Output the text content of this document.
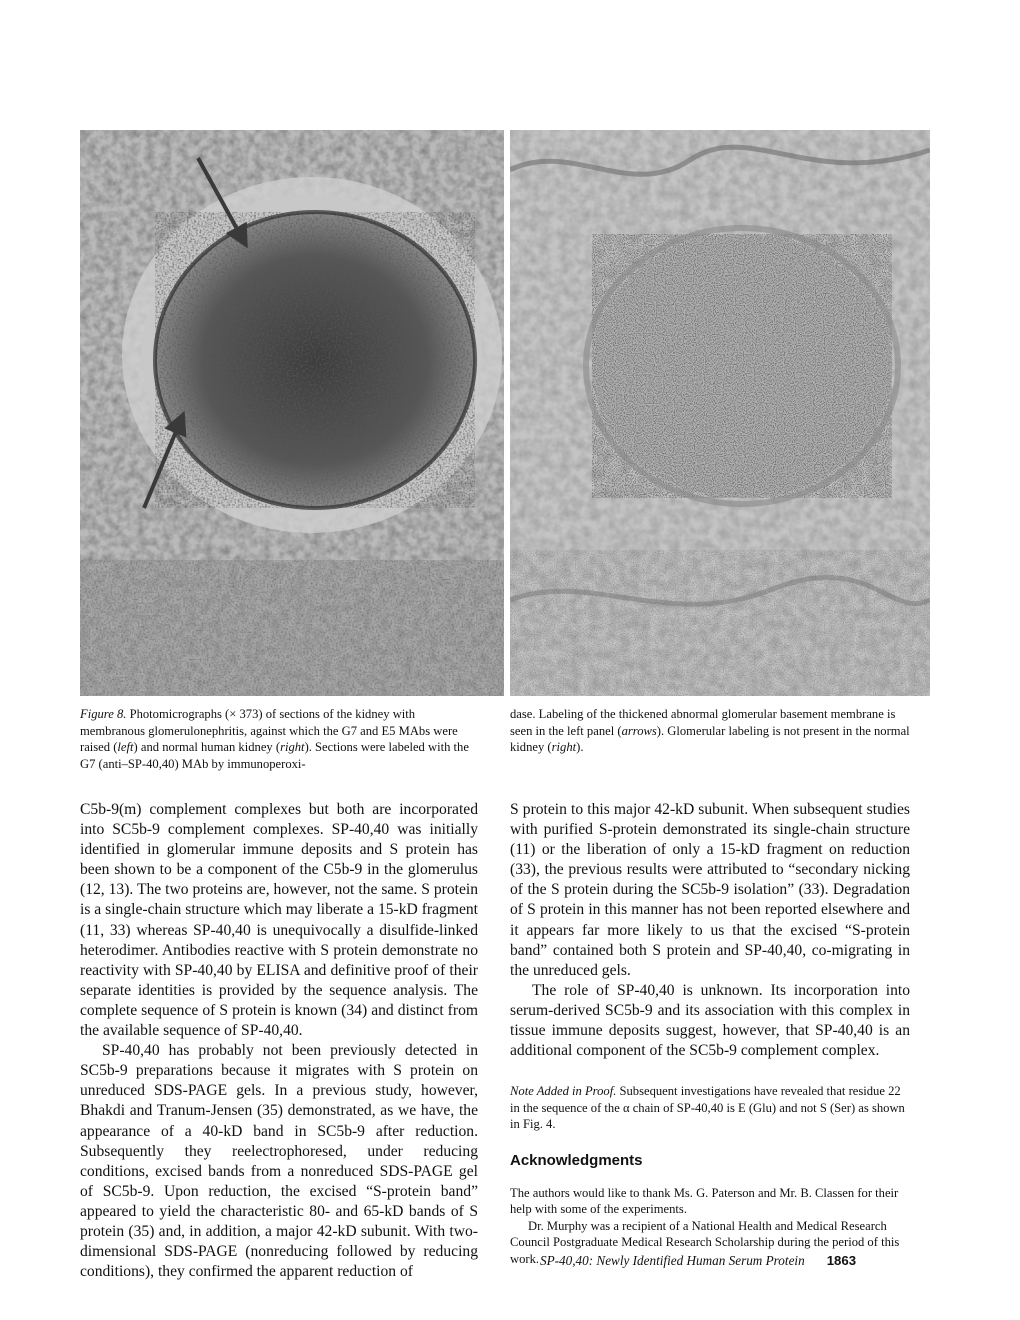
Figure 8. Photomicrographs (× 373) of sections of the kidney with membranous glomerulonephritis, against which the G7 and E5 MAbs were raised (left) and normal human kidney (right). Sections were labeled with the G7 (anti–SP-40,40) MAb by immunoperoxi-
dase. Labeling of the thickened abnormal glomerular basement membrane is seen in the left panel (arrows). Glomerular labeling is not present in the normal kidney (right).

C5b-9(m) complement complexes but both are incorporated into SC5b-9 complement complexes. SP-40,40 was initially identified in glomerular immune deposits and S protein has been shown to be a component of the C5b-9 in the glomerulus (12, 13). The two proteins are, however, not the same. S protein is a single-chain structure which may liberate a 15-kD fragment (11, 33) whereas SP-40,40 is unequivocally a disulfide-linked heterodimer. Antibodies reactive with S protein demonstrate no reactivity with SP-40,40 by ELISA and definitive proof of their separate identities is provided by the sequence analysis. The complete sequence of S protein is known (34) and distinct from the available sequence of SP-40,40.

SP-40,40 has probably not been previously detected in SC5b-9 preparations because it migrates with S protein on unreduced SDS-PAGE gels. In a previous study, however, Bhakdi and Tranum-Jensen (35) demonstrated, as we have, the appearance of a 40-kD band in SC5b-9 after reduction. Subsequently they reelectrophoresed, under reducing conditions, excised bands from a nonreduced SDS-PAGE gel of SC5b-9. Upon reduction, the excised “S-protein band” appeared to yield the characteristic 80- and 65-kD bands of S protein (35) and, in addition, a major 42-kD subunit. With two-dimensional SDS-PAGE (nonreducing followed by reducing conditions), they confirmed the apparent reduction of

S protein to this major 42-kD subunit. When subsequent studies with purified S-protein demonstrated its single-chain structure (11) or the liberation of only a 15-kD fragment on reduction (33), the previous results were attributed to “secondary nicking of the S protein during the SC5b-9 isolation” (33). Degradation of S protein in this manner has not been reported elsewhere and it appears far more likely to us that the excised “S-protein band” contained both S protein and SP-40,40, co-migrating in the unreduced gels.

The role of SP-40,40 is unknown. Its incorporation into serum-derived SC5b-9 and its association with this complex in tissue immune deposits suggest, however, that SP-40,40 is an additional component of the SC5b-9 complement complex.

Note Added in Proof. Subsequent investigations have revealed that residue 22 in the sequence of the α chain of SP-40,40 is E (Glu) and not S (Ser) as shown in Fig. 4.
Acknowledgments
The authors would like to thank Ms. G. Paterson and Mr. B. Classen for their help with some of the experiments.
Dr. Murphy was a recipient of a National Health and Medical Research Council Postgraduate Medical Research Scholarship during the period of this work. SP-40,40: Newly Identified Human Serum Protein 1863
